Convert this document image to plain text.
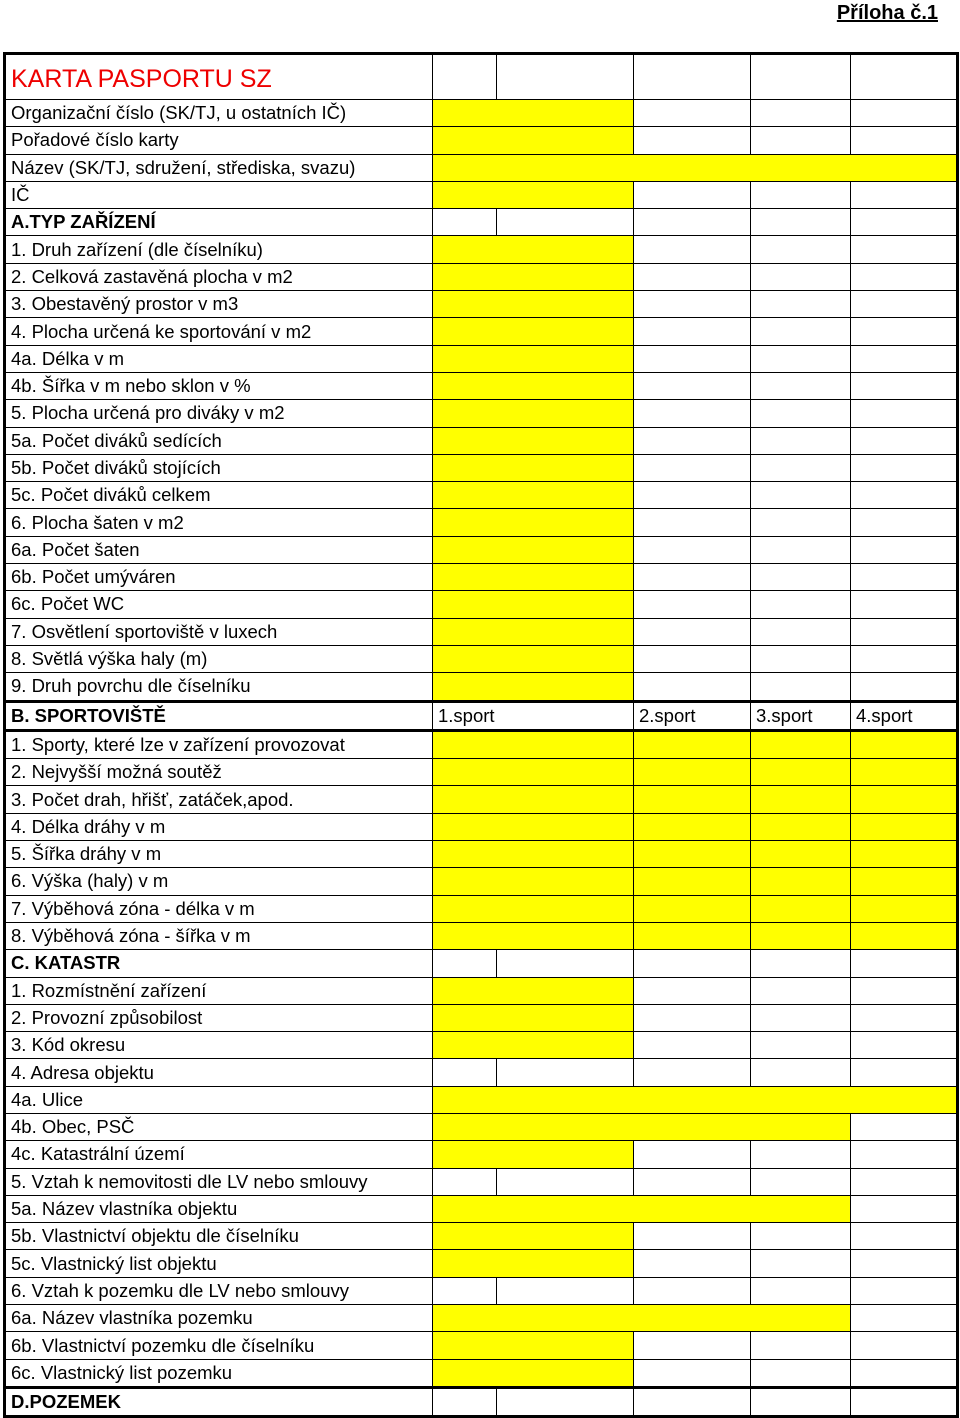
Příloha č.1
KARTA PASPORTU SZ					
Organizační číslo (SK/TJ, u ostatních IČ)					
Pořadové číslo karty					
Název (SK/TJ, sdružení, střediska, svazu)					
IČ					
A.TYP ZAŘÍZENÍ					
1. Druh zařízení (dle číselníku)					
2. Celková zastavěná plocha v m2					
3. Obestavěný prostor v m3					
4. Plocha určená ke sportování v m2					
4a. Délka v m					
4b. Šířka v m nebo sklon v %					
5. Plocha určená pro diváky v m2					
5a. Počet diváků sedících					
5b. Počet diváků stojících					
5c. Počet diváků celkem					
6. Plocha šaten v m2					
6a. Počet šaten					
6b. Počet umýváren					
6c. Počet WC					
7. Osvětlení sportoviště v luxech					
8. Světlá výška haly (m)					
9. Druh povrchu dle číselníku					
B. SPORTOVIŠTĚ	1.sport		2.sport	3.sport	4.sport
1. Sporty, které lze v zařízení provozovat					
2. Nejvyšší možná soutěž					
3. Počet drah, hřišť, zatáček,apod.					
4. Délka dráhy v m					
5. Šířka dráhy v m					
6. Výška (haly) v m					
7. Výběhová zóna - délka v m					
8. Výběhová zóna - šířka v m					
C. KATASTR					
1. Rozmístnění zařízení					
2. Provozní způsobilost					
3. Kód okresu					
4. Adresa objektu					
4a. Ulice					
4b. Obec, PSČ					
4c. Katastrální území					
5. Vztah k nemovitosti dle LV nebo smlouvy					
5a. Název vlastníka objektu					
5b. Vlastnictví objektu dle číselníku					
5c. Vlastnický list objektu					
6. Vztah k pozemku dle LV nebo smlouvy					
6a. Název vlastníka pozemku					
6b. Vlastnictví pozemku dle číselníku					
6c. Vlastnický list pozemku					
D.POZEMEK					
